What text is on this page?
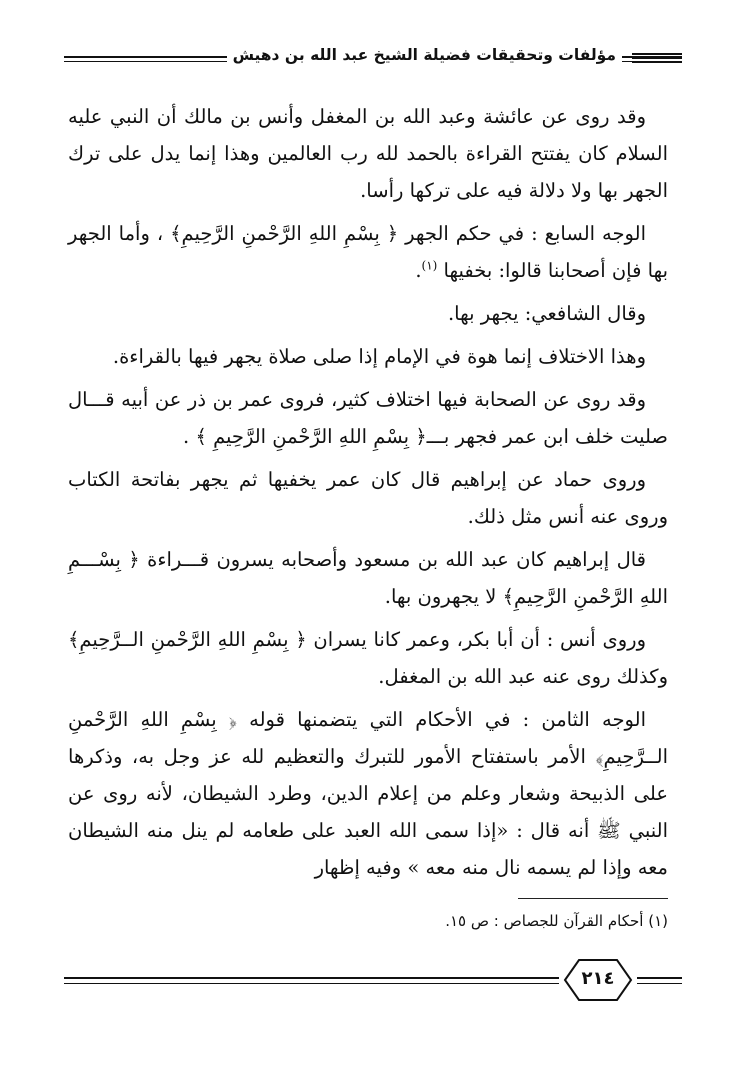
مؤلفات وتحقيقات فضيلة الشيخ عبد الله بن دهيش

وقد روى عن عائشة وعبد الله بن المغفل وأنس بن مالك أن النبي عليه السلام كان يفتتح القراءة بالحمد لله رب العالمين وهذا إنما يدل على ترك الجهر بها ولا دلالة فيه على تركها رأسا.

الوجه السابع : في حكم الجهر ﴿ بِسْمِ اللهِ الرَّحْمنِ الرَّحِيمِ﴾ ، وأما الجهر بها فإن أصحابنا قالوا: بخفيها $^{(١)}$.

وقال الشافعي: يجهر بها.

وهذا الاختلاف إنما هوة في الإمام إذا صلى صلاة يجهر فيها بالقراءة.

وقد روى عن الصحابة فيها اختلاف كثير، فروى عمر بن ذر عن أبيه قـــال صليت خلف ابن عمر فجهر بـــ﴿ بِسْمِ اللهِ الرَّحْمنِ الرَّحِيمِ ﴾ .

وروى حماد عن إبراهيم قال كان عمر يخفيها ثم يجهر بفاتحة الكتاب وروى عنه أنس مثل ذلك.

قال إبراهيم كان عبد الله بن مسعود وأصحابه يسرون قـــراءة ﴿ بِسْـــمِ اللهِ الرَّحْمنِ الرَّحِيمِ﴾ لا يجهرون بها.

وروى أنس : أن أبا بكر، وعمر كانا يسران ﴿ بِسْمِ اللهِ الرَّحْمنِ الــرَّحِيمِ﴾ وكذلك روى عنه عبد الله بن المغفل.

الوجه الثامن : في الأحكام التي يتضمنها قوله ﴿ بِسْمِ اللهِ الرَّحْمنِ الــرَّحِيمِ﴾ الأمر باستفتاح الأمور للتبرك والتعظيم لله عز وجل به، وذكرها على الذبيحة وشعار وعلم من إعلام الدين، وطرد الشيطان، لأنه روى عن النبي ﷺ أنه قال : «إذا سمى الله العبد على طعامه لم ينل منه الشيطان معه وإذا لم يسمه نال منه معه » وفيه إظهار

(١) أحكام القرآن للجصاص : ص ١٥.
٢١٤
